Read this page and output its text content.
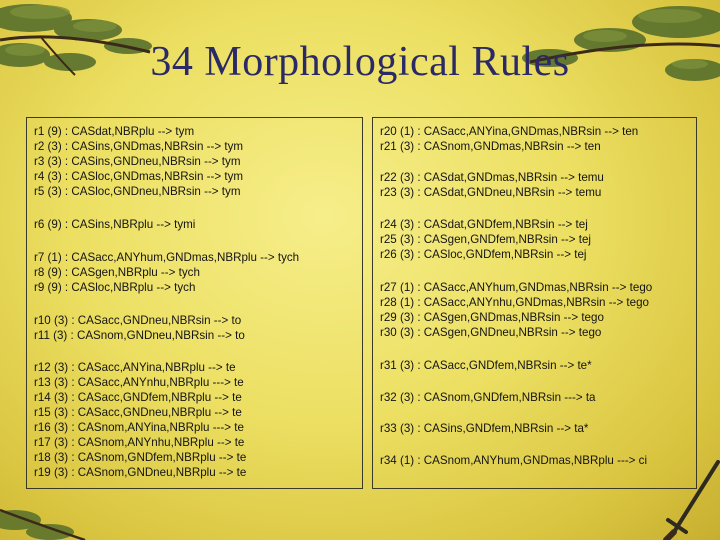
34 Morphological Rules
r1 (9) : CASdat,NBRplu --> tym
r2 (3) : CASins,GNDmas,NBRsin --> tym
r3 (3) : CASins,GNDneu,NBRsin --> tym
r4 (3) : CASloc,GNDmas,NBRsin --> tym
r5 (3) : CASloc,GNDneu,NBRsin --> tym
r6 (9) : CASins,NBRplu --> tymi
r7 (1) : CASacc,ANYhum,GNDmas,NBRplu --> tych
r8 (9) : CASgen,NBRplu --> tych
r9 (9) : CASloc,NBRplu --> tych
r10 (3) : CASacc,GNDneu,NBRsin --> to
r11 (3) : CASnom,GNDneu,NBRsin --> to
r12 (3) : CASacc,ANYina,NBRplu --> te
r13 (3) : CASacc,ANYnhu,NBRplu ---> te
r14 (3) : CASacc,GNDfem,NBRplu --> te
r15 (3) : CASacc,GNDneu,NBRplu --> te
r16 (3) : CASnom,ANYina,NBRplu ---> te
r17 (3) : CASnom,ANYnhu,NBRplu --> te
r18 (3) : CASnom,GNDfem,NBRplu --> te
r19 (3) : CASnom,GNDneu,NBRplu --> te
r20 (1) : CASacc,ANYina,GNDmas,NBRsin --> ten
r21 (3) : CASnom,GNDmas,NBRsin --> ten
r22 (3) : CASdat,GNDmas,NBRsin --> temu
r23 (3) : CASdat,GNDneu,NBRsin --> temu
r24 (3) : CASdat,GNDfem,NBRsin --> tej
r25 (3) : CASgen,GNDfem,NBRsin --> tej
r26 (3) : CASloc,GNDfem,NBRsin --> tej
r27 (1) : CASacc,ANYhum,GNDmas,NBRsin --> tego
r28 (1) : CASacc,ANYnhu,GNDmas,NBRsin --> tego
r29 (3) : CASgen,GNDmas,NBRsin --> tego
r30 (3) : CASgen,GNDneu,NBRsin --> tego
r31 (3) : CASacc,GNDfem,NBRsin --> te*
r32 (3) : CASnom,GNDfem,NBRsin ---> ta
r33 (3) : CASins,GNDfem,NBRsin --> ta*
r34 (1) : CASnom,ANYhum,GNDmas,NBRplu ---> ci
